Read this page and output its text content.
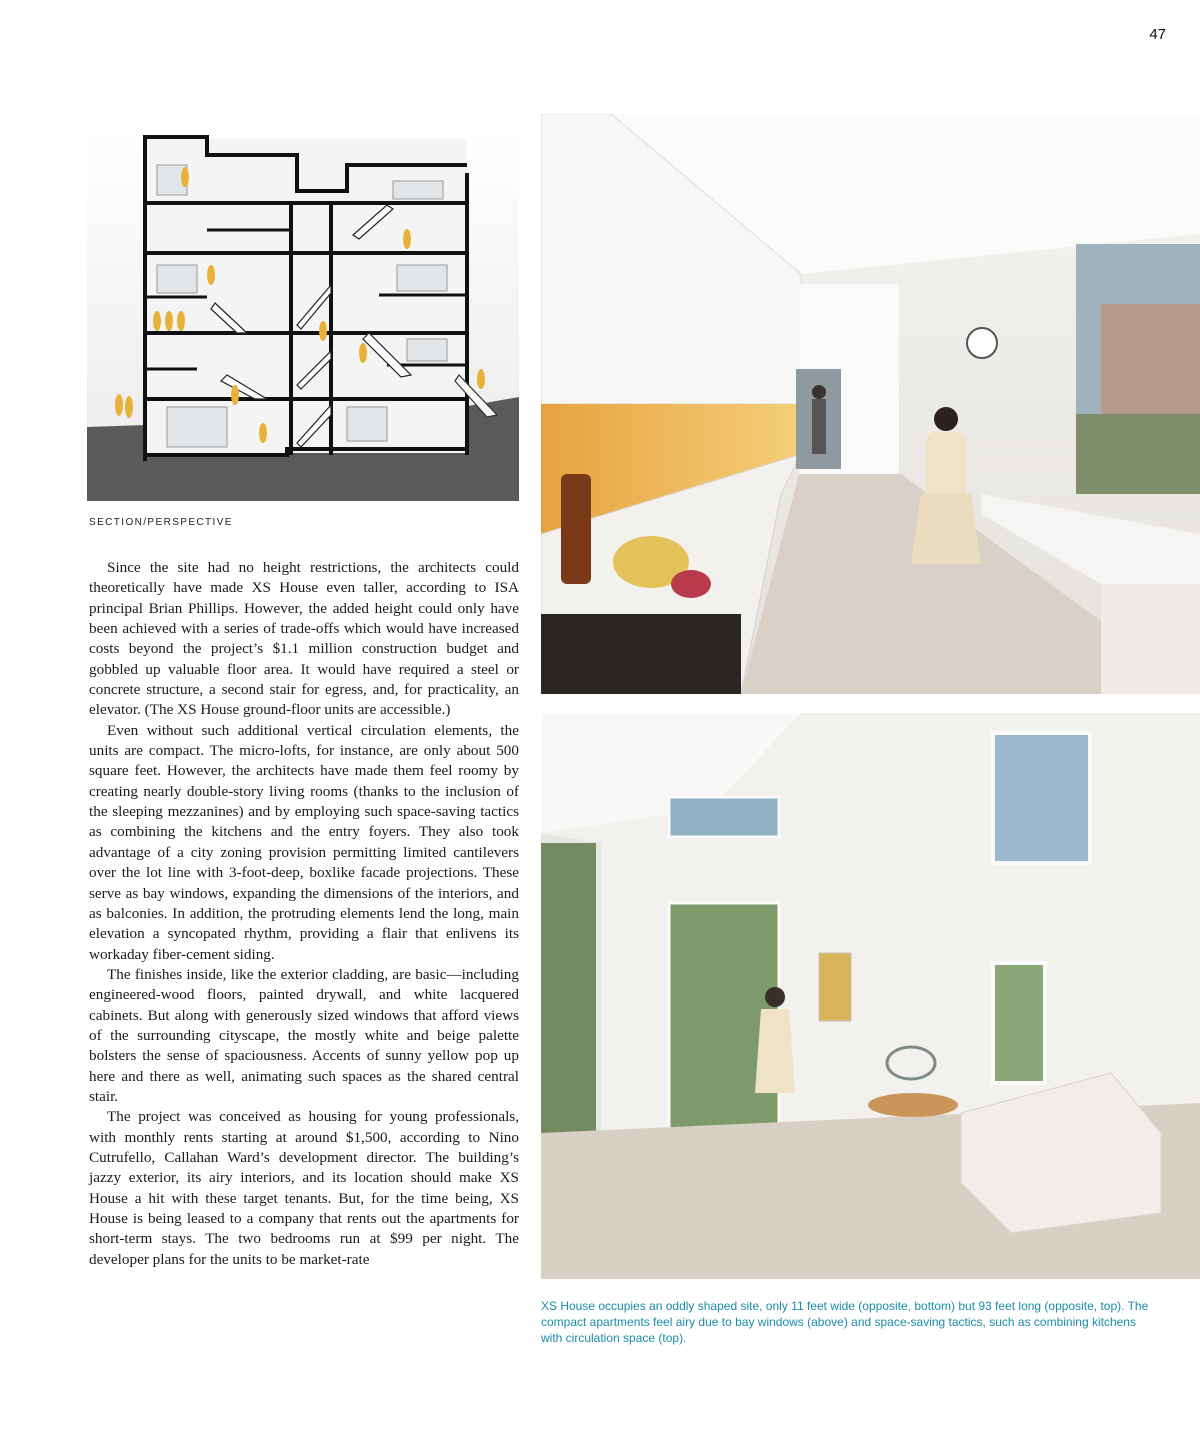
47
SECTION/PERSPECTIVE

Since the site had no height restrictions, the architects could theoretically have made XS House even taller, according to ISA principal Brian Phillips. However, the added height could only have been achieved with a series of trade-offs which would have increased costs beyond the project’s $1.1 million construction budget and gobbled up valuable floor area. It would have required a steel or concrete structure, a second stair for egress, and, for practicality, an elevator. (The XS House ground-floor units are accessible.)

Even without such additional vertical circulation elements, the units are compact. The micro-lofts, for instance, are only about 500 square feet. However, the architects have made them feel roomy by creating nearly double-story living rooms (thanks to the inclusion of the sleeping mezzanines) and by employing such space-saving tactics as combining the kitchens and the entry foyers. They also took advantage of a city zoning provision permitting limited cantilevers over the lot line with 3-foot-deep, boxlike facade projections. These serve as bay windows, expanding the dimensions of the interiors, and as balconies. In addition, the protruding elements lend the long, main elevation a syncopated rhythm, providing a flair that enlivens its workaday fiber-cement siding.

The finishes inside, like the exterior cladding, are basic—including engineered-wood floors, painted drywall, and white lacquered cabinets. But along with generously sized windows that afford views of the surrounding cityscape, the mostly white and beige palette bolsters the sense of spaciousness. Accents of sunny yellow pop up here and there as well, animating such spaces as the shared central stair.

The project was conceived as housing for young professionals, with monthly rents starting at around $1,500, according to Nino Cutrufello, Callahan Ward’s development director. The building’s jazzy exterior, its airy interiors, and its location should make XS House a hit with these target tenants. But, for the time being, XS House is being leased to a company that rents out the apartments for short-term stays. The two bedrooms run at $99 per night. The developer plans for the units to be market-rate

XS House occupies an oddly shaped site, only 11 feet wide (opposite, bottom) but 93 feet long (opposite, top). The compact apartments feel airy due to bay windows (above) and space-saving tactics, such as combining kitchens with circulation space (top).
